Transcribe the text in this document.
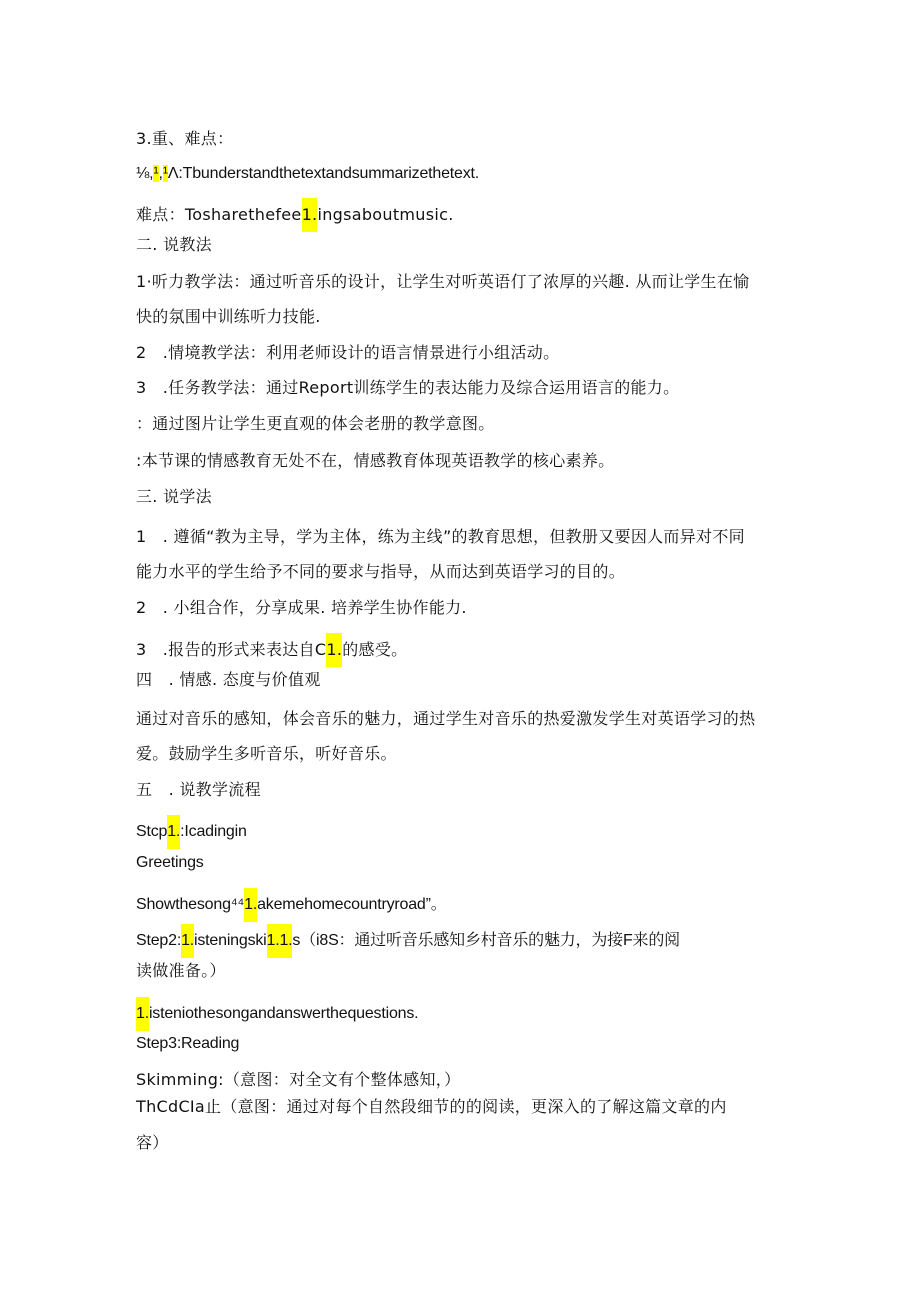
3.重、难点：
⅛,¹,¹Λ:Tbunderstandthetextandsummarizethetext.
难点：Tosharethefee1.ingsaboutmusic.
二. 说教法
1·听力教学法：通过听音乐的设计，让学生对听英语仃了浓厚的兴趣. 从而让学生在愉
快的氛围中训练听力技能.
2　.情境教学法：利用老师设计的语言情景进行小组活动。
3　.任务教学法：通过Report训练学生的表达能力及综合运用语言的能力。
：通过图片让学生更直观的体会老册的教学意图。
:本节课的情感教育无处不在，情感教育体现英语教学的核心素养。
三. 说学法
1　. 遵循“教为主导，学为主体，练为主线”的教育思想，但教册又要因人而异对不同
能力水平的学生给予不同的要求与指导，从而达到英语学习的目的。
2　. 小组合作，分享成果. 培养学生协作能力.
3　.报告的形式来表达自C1.的感受。
四　. 情感. 态度与价值观
通过对音乐的感知，体会音乐的魅力，通过学生对音乐的热爱激发学生对英语学习的热
爱。鼓励学生多听音乐，听好音乐。
五　. 说教学流程
Stcp1.:Icadingin
Greetings
Showthesong⁴⁴1.akemehomecountryroad”。
Step2:1.isteningski1.1.s（i8S：通过听音乐感知乡村音乐的魅力，为接F来的阅
读做准备。）
1.isteniothesongandanswerthequestions.
Step3:Reading
Skimming:（意图：对全文有个整体感知，）
ThCdCIa止（意图：通过对每个自然段细节的的阅读，更深入的了解这篇文章的内
容）
